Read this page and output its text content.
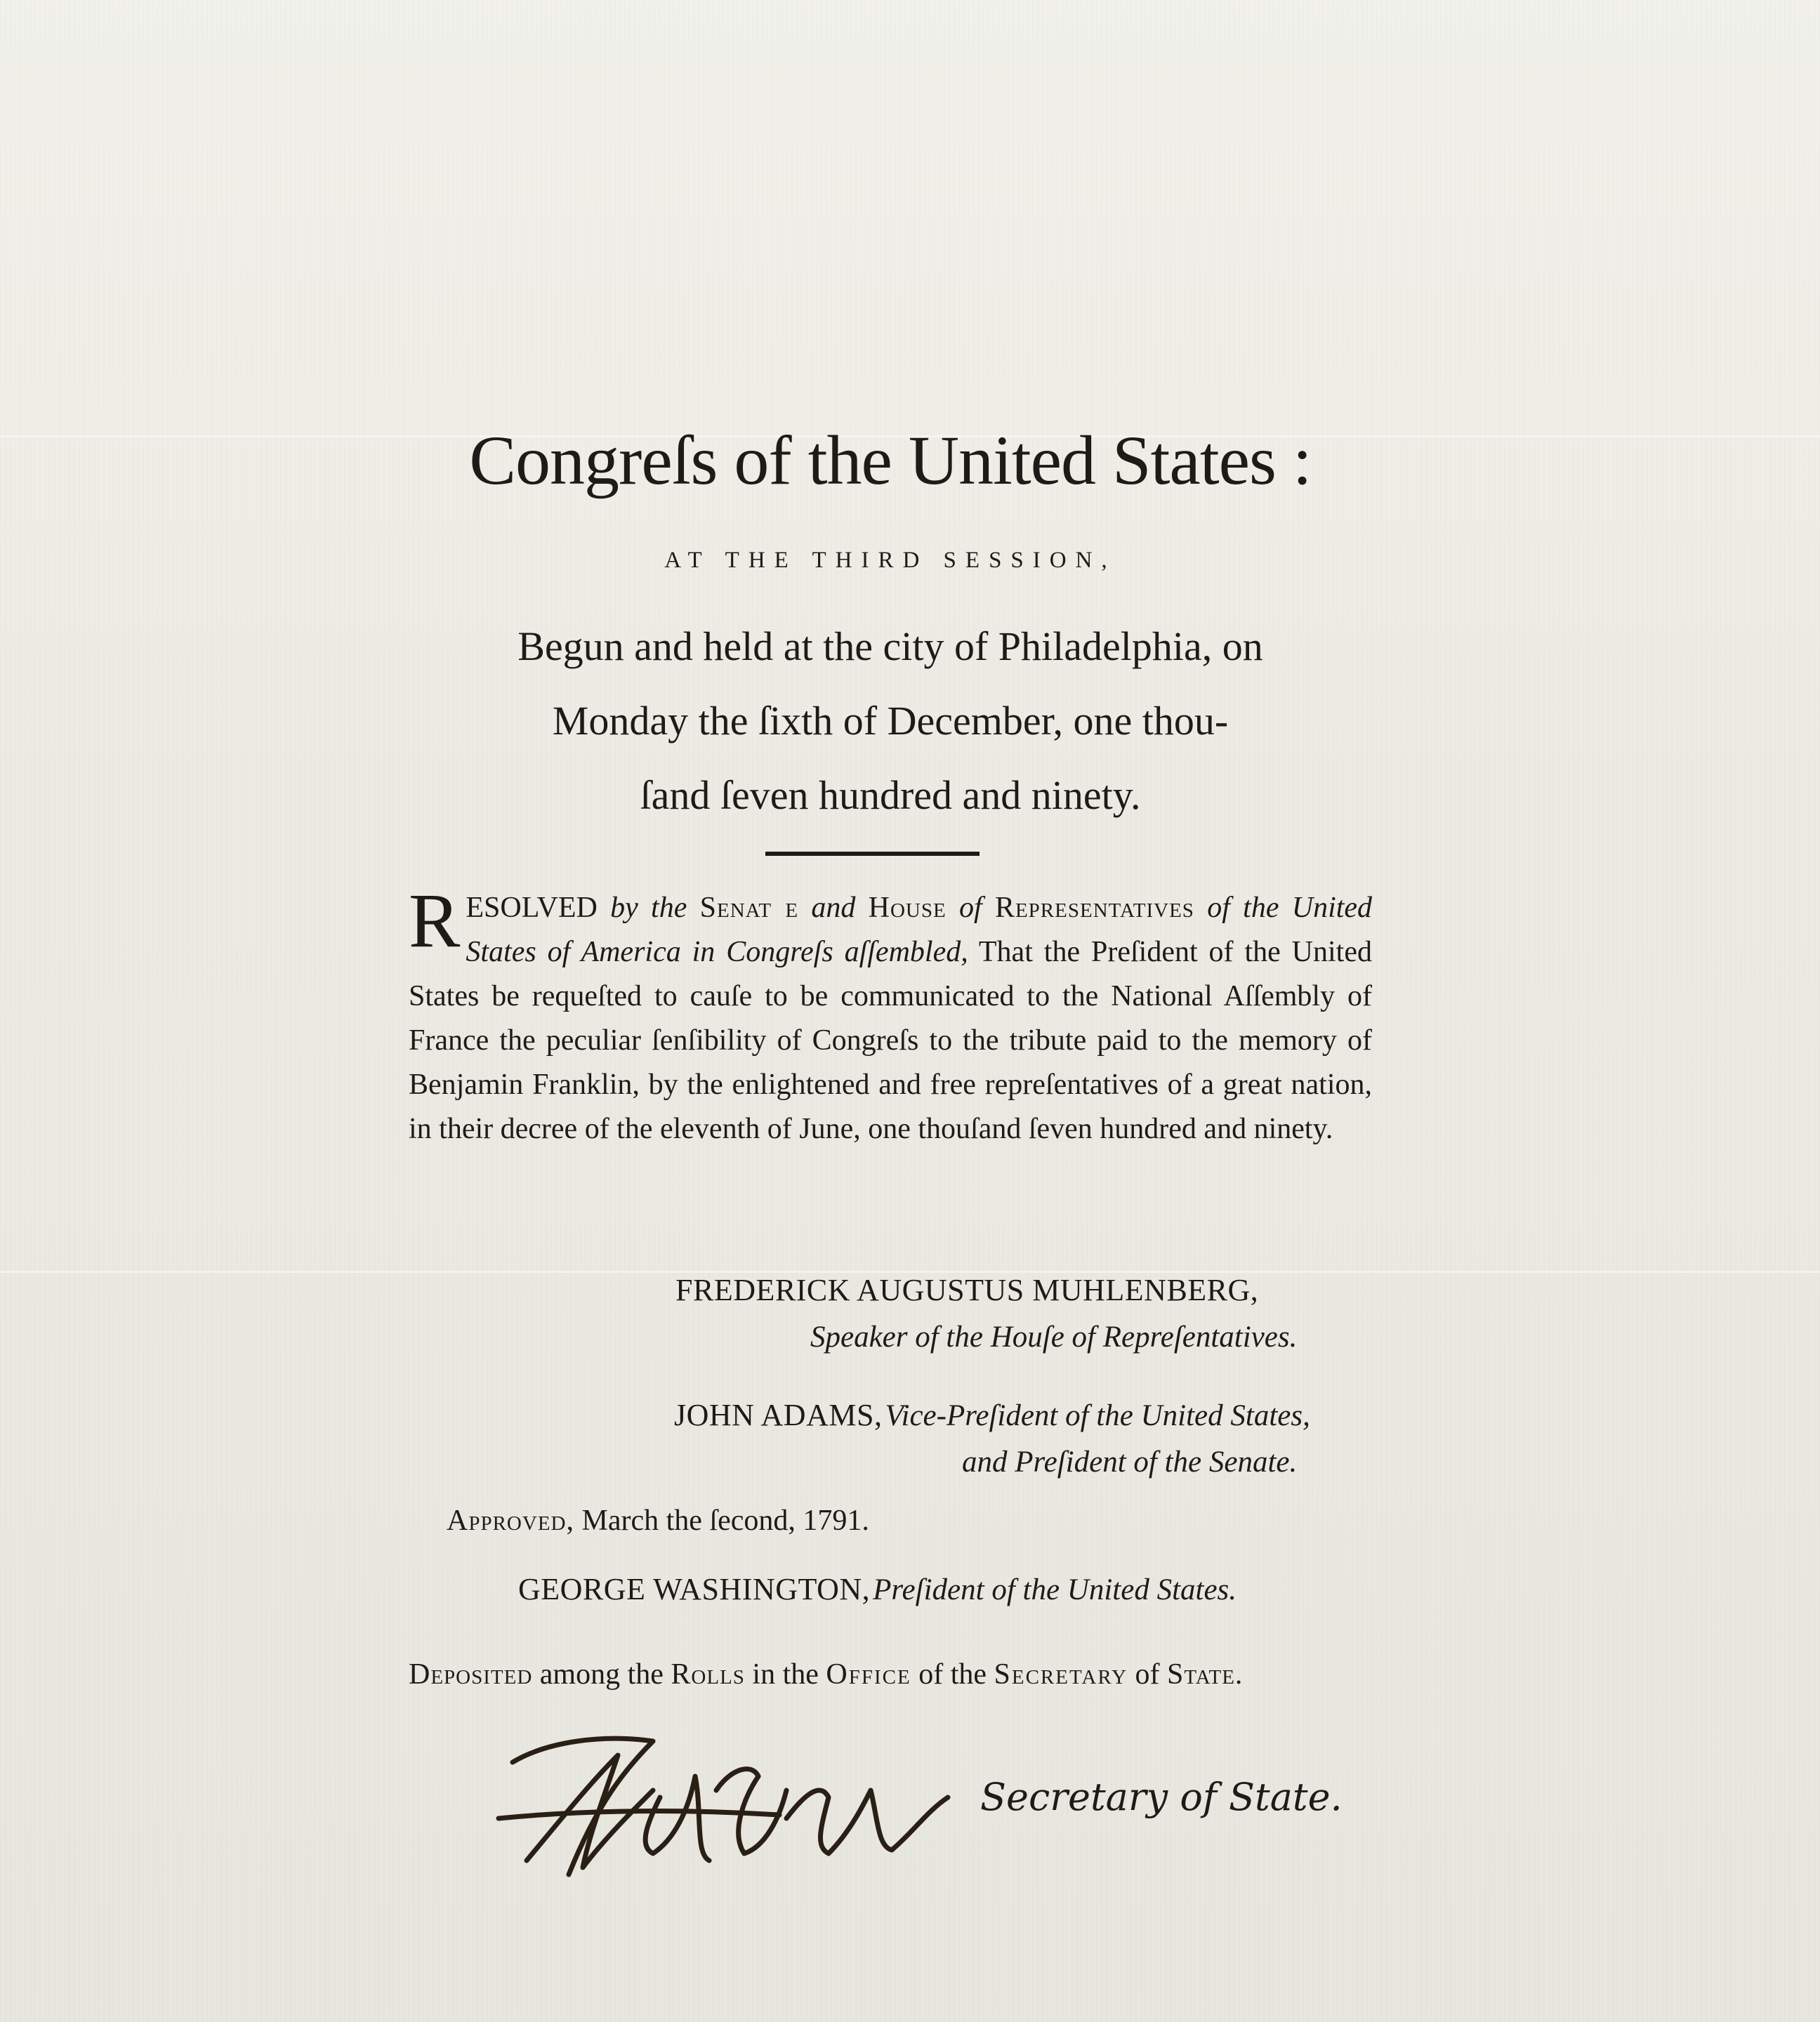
Congreſs of the United States :
AT THE THIRD SESSION,
Begun and held at the city of Philadelphia, on
Monday the ſixth of December, one thou-
ſand ſeven hundred and ninety.
R ESOLVED by the Senat e and House of Representatives of the United States of America in Congreſs aſſembled, That the Preſident of the United States be requeſted to cauſe to be communicated to the National Aſſembly of France the peculiar ſenſibility of Congreſs to the tribute paid to the memory of Benjamin Franklin, by the enlightened and free repreſentatives of a great nation, in their decree of the eleventh of June, one thouſand ſeven hundred and ninety.
FREDERICK AUGUSTUS MUHLENBERG,
Speaker of the Houſe of Repreſentatives.
JOHN ADAMS, Vice-Preſident of the United States,
and Preſident of the Senate.
Approved, March the ſecond, 1791.
GEORGE WASHINGTON, Preſident of the United States.
Deposited among the Rolls in the Office of the Secretary of State.
Secretary of State.
